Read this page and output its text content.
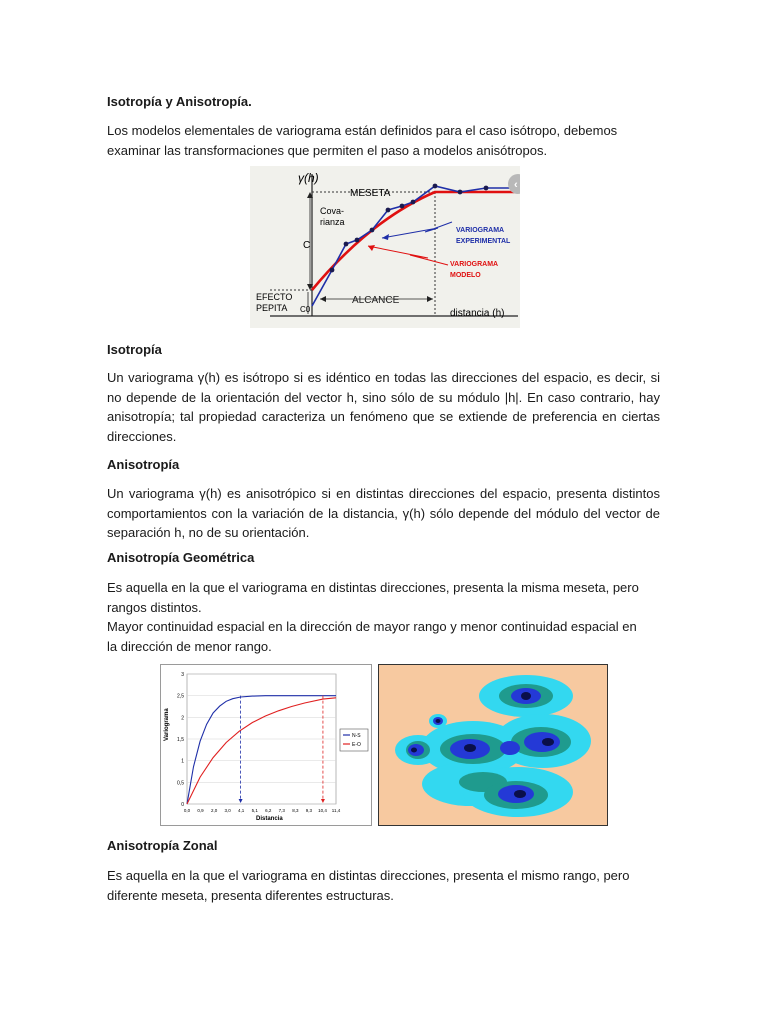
Isotropía y Anisotropía.

Los modelos elementales de variograma están definidos para el caso isótropo, debemos examinar las transformaciones que permiten el paso a modelos anisótropos.

‹
γ(h)
MESETA
Cova-
rianza
C
C0
EFECTO
PEPITA
ALCANCE
distancia (h)
VARIOGRAMA
EXPERIMENTAL
VARIOGRAMA
MODELO

Isotropía

Un variograma γ(h) es isótropo si es idéntico en todas las direcciones del espacio, es decir, si no depende de la orientación del vector h, sino sólo de su módulo |h|. En caso contrario, hay anisotropía; tal propiedad caracteriza un fenómeno que se extiende de preferencia en ciertas direcciones.

Anisotropía

Un variograma γ(h) es anisotrópico si en distintas direcciones del espacio, presenta distintos comportamientos con la variación de la distancia, γ(h) sólo depende del módulo del vector de separación h, no de su orientación.

Anisotropía Geométrica

Es aquella en la que el variograma en distintas direcciones, presenta la misma meseta, pero rangos distintos.

Mayor continuidad espacial en la dirección de mayor rango y menor continuidad espacial en la dirección de menor rango.

0
0,5
1
1,5
2
2,5
3
0,0 0,9 2,0 3,0 4,1 5,1 6,2 7,3 8,3 9,3 10,4 11,4
Variograma
Distancia
N-S
E-O

Anisotropía Zonal

Es aquella en la que el variograma en distintas direcciones, presenta el mismo rango, pero diferente meseta, presenta diferentes estructuras.
